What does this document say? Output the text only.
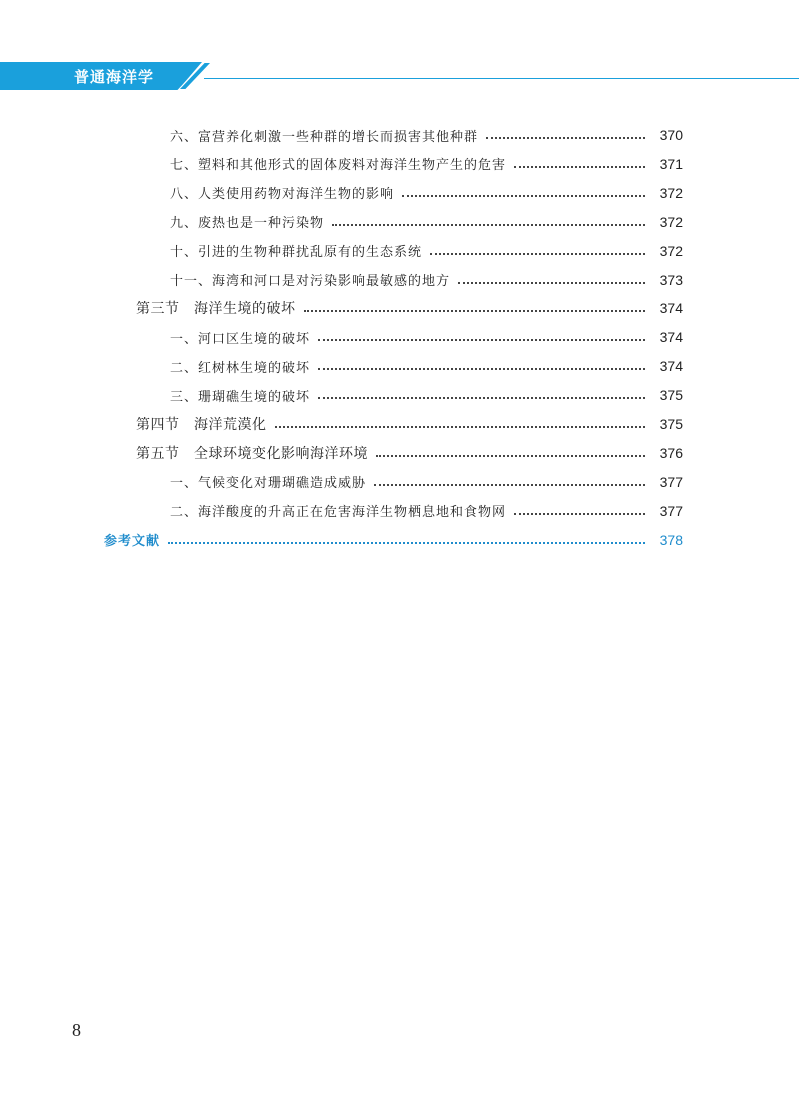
普通海洋学
六、富营养化刺激一些种群的增长而损害其他种群	370
七、塑料和其他形式的固体废料对海洋生物产生的危害	371
八、人类使用药物对海洋生物的影响	372
九、废热也是一种污染物	372
十、引进的生物种群扰乱原有的生态系统	372
十一、海湾和河口是对污染影响最敏感的地方	373
第三节　海洋生境的破坏	374
一、河口区生境的破坏	374
二、红树林生境的破坏	374
三、珊瑚礁生境的破坏	375
第四节　海洋荒漠化	375
第五节　全球环境变化影响海洋环境	376
一、气候变化对珊瑚礁造成威胁	377
二、海洋酸度的升高正在危害海洋生物栖息地和食物网	377
参考文献	378
8
